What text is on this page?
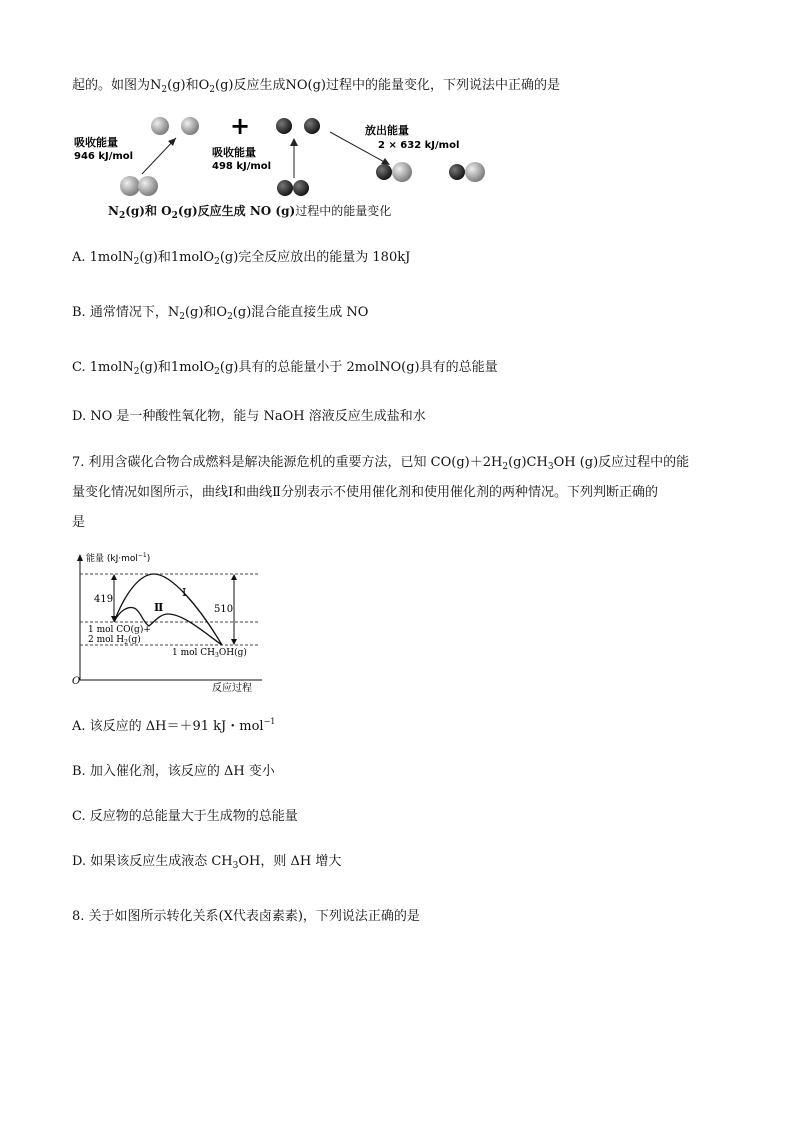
起的。如图为$N_2(g)$和$O_2(g)$反应生成NO(g)过程中的能量变化，下列说法中正确的是
+
吸收能量
946 kJ/mol	吸收能量
498 kJ/mol
放出能量
2 × 632 kJ/mol
$N_2(g)$和 $O_2(g)$反应生成 NO (g)过程中的能量变化
A. 1molN$_2$(g)和1molO$_2$(g)完全反应放出的能量为 180kJ
B. 通常情况下，$N_2(g)$和$O_2(g)$混合能直接生成 NO
C. 1molN$_2$(g)和1molO$_2$(g)具有的总能量小于 2molNO(g)具有的总能量
D. NO 是一种酸性氧化物，能与 NaOH 溶液反应生成盐和水
7. 利用含碳化合物合成燃料是解决能源危机的重要方法，已知 $CO(g)+2H_2(g)CH_3OH$ (g)反应过程中的能
量变化情况如图所示，曲线Ⅰ和曲线Ⅱ分别表示不使用催化剂和使用催化剂的两种情况。下列判断正确的
是
能量 (kJ·mol$^{-1}$)
419
510
Ⅰ
Ⅱ
1 mol CO(g)+
2 mol $H_2(g)$
1 mol $CH_3OH(g)$
O
反应过程
A. 该反应的 ΔH＝＋91 kJ・mol$^{-1}$
B. 加入催化剂，该反应的 ΔH 变小
C. 反应物的总能量大于生成物的总能量
D. 如果该反应生成液态 $CH_3OH$，则 ΔH 增大
8. 关于如图所示转化关系(X代表卤素素)，下列说法正确的是
